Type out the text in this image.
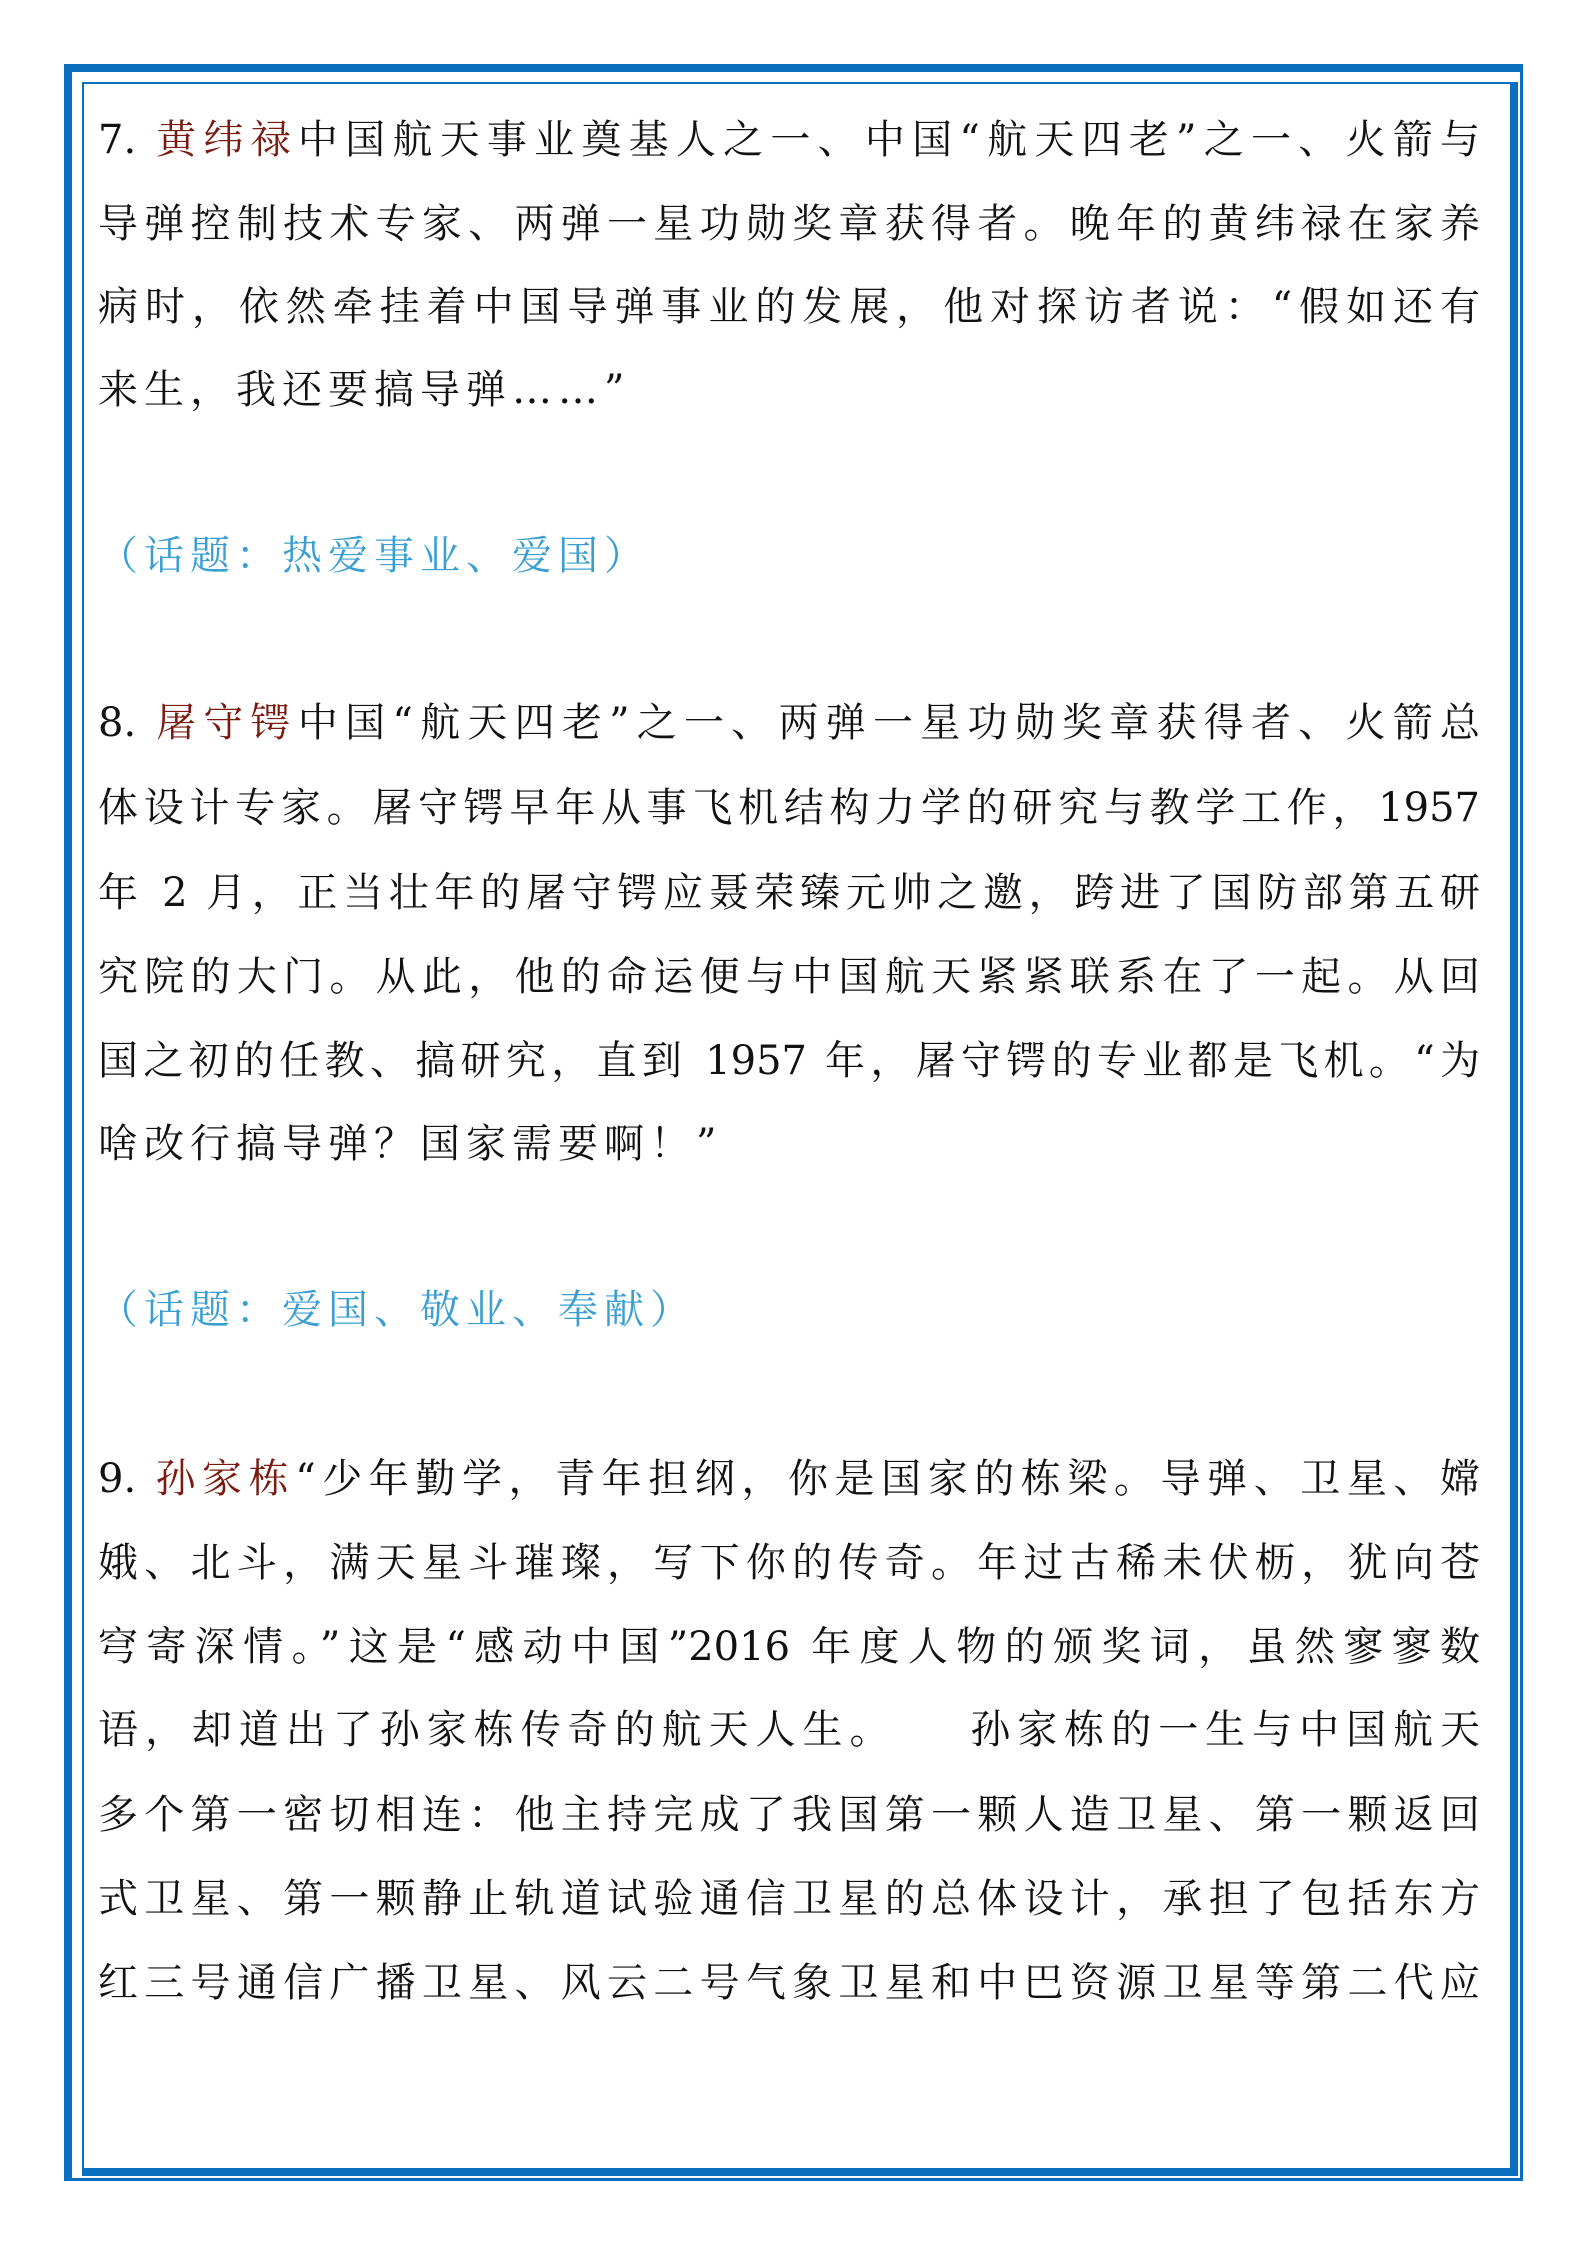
7. 黄纬禄中国航天事业奠基人之一、中国“航天四老”之一、火箭与
导弹控制技术专家、两弹一星功勋奖章获得者。晚年的黄纬禄在家养
病时，依然牵挂着中国导弹事业的发展，他对探访者说：“假如还有
来生，我还要搞导弹……”
（话题：热爱事业、爱国）
8. 屠守锷中国“航天四老”之一、两弹一星功勋奖章获得者、火箭总
体设计专家。屠守锷早年从事飞机结构力学的研究与教学工作，1957
年 2 月，正当壮年的屠守锷应聂荣臻元帅之邀，跨进了国防部第五研
究院的大门。从此，他的命运便与中国航天紧紧联系在了一起。从回
国之初的任教、搞研究，直到 1957 年，屠守锷的专业都是飞机。“为
啥改行搞导弹？国家需要啊！”
（话题：爱国、敬业、奉献）
9. 孙家栋“少年勤学，青年担纲，你是国家的栋梁。导弹、卫星、嫦
娥、北斗，满天星斗璀璨，写下你的传奇。年过古稀未伏枥，犹向苍
穹寄深情。”这是“感动中国”2016 年度人物的颁奖词，虽然寥寥数
语，却道出了孙家栋传奇的航天人生。　　孙家栋的一生与中国航天
多个第一密切相连：他主持完成了我国第一颗人造卫星、第一颗返回
式卫星、第一颗静止轨道试验通信卫星的总体设计，承担了包括东方
红三号通信广播卫星、风云二号气象卫星和中巴资源卫星等第二代应
